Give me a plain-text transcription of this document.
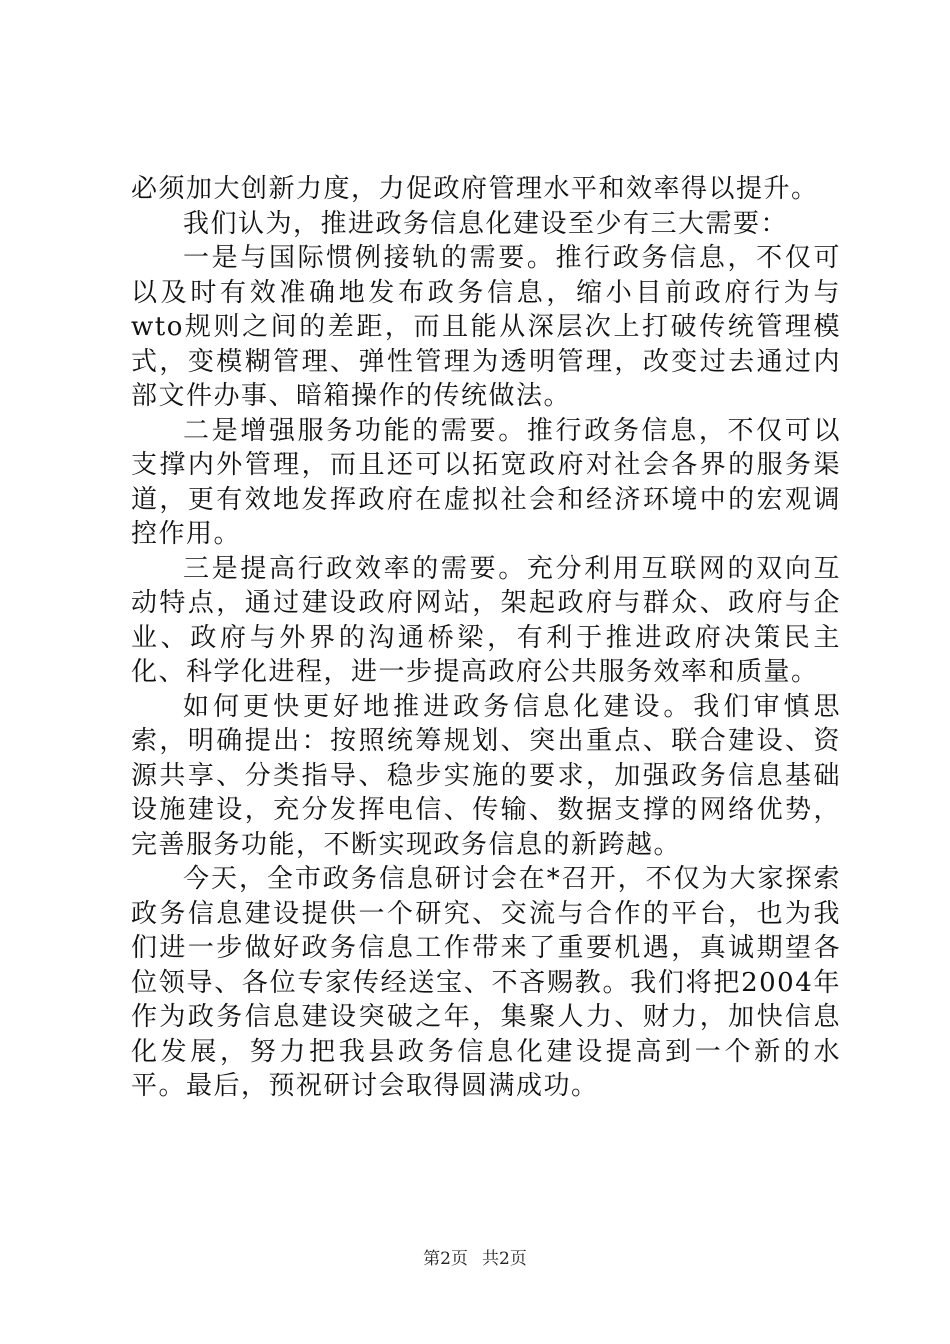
必须加大创新力度，力促政府管理水平和效率得以提升。

我们认为，推进政务信息化建设至少有三大需要：

一是与国际惯例接轨的需要。推行政务信息，不仅可以及时有效准确地发布政务信息，缩小目前政府行为与wto规则之间的差距，而且能从深层次上打破传统管理模式，变模糊管理、弹性管理为透明管理，改变过去通过内部文件办事、暗箱操作的传统做法。

二是增强服务功能的需要。推行政务信息，不仅可以支撑内外管理，而且还可以拓宽政府对社会各界的服务渠道，更有效地发挥政府在虚拟社会和经济环境中的宏观调控作用。

三是提高行政效率的需要。充分利用互联网的双向互动特点，通过建设政府网站，架起政府与群众、政府与企业、政府与外界的沟通桥梁，有利于推进政府决策民主化、科学化进程，进一步提高政府公共服务效率和质量。

如何更快更好地推进政务信息化建设。我们审慎思索，明确提出：按照统筹规划、突出重点、联合建设、资源共享、分类指导、稳步实施的要求，加强政务信息基础设施建设，充分发挥电信、传输、数据支撑的网络优势，完善服务功能，不断实现政务信息的新跨越。

今天，全市政务信息研讨会在*召开，不仅为大家探索政务信息建设提供一个研究、交流与合作的平台，也为我们进一步做好政务信息工作带来了重要机遇，真诚期望各位领导、各位专家传经送宝、不吝赐教。我们将把2004年作为政务信息建设突破之年，集聚人力、财力，加快信息化发展，努力把我县政务信息化建设提高到一个新的水平。最后，预祝研讨会取得圆满成功。

第2页 共2页
